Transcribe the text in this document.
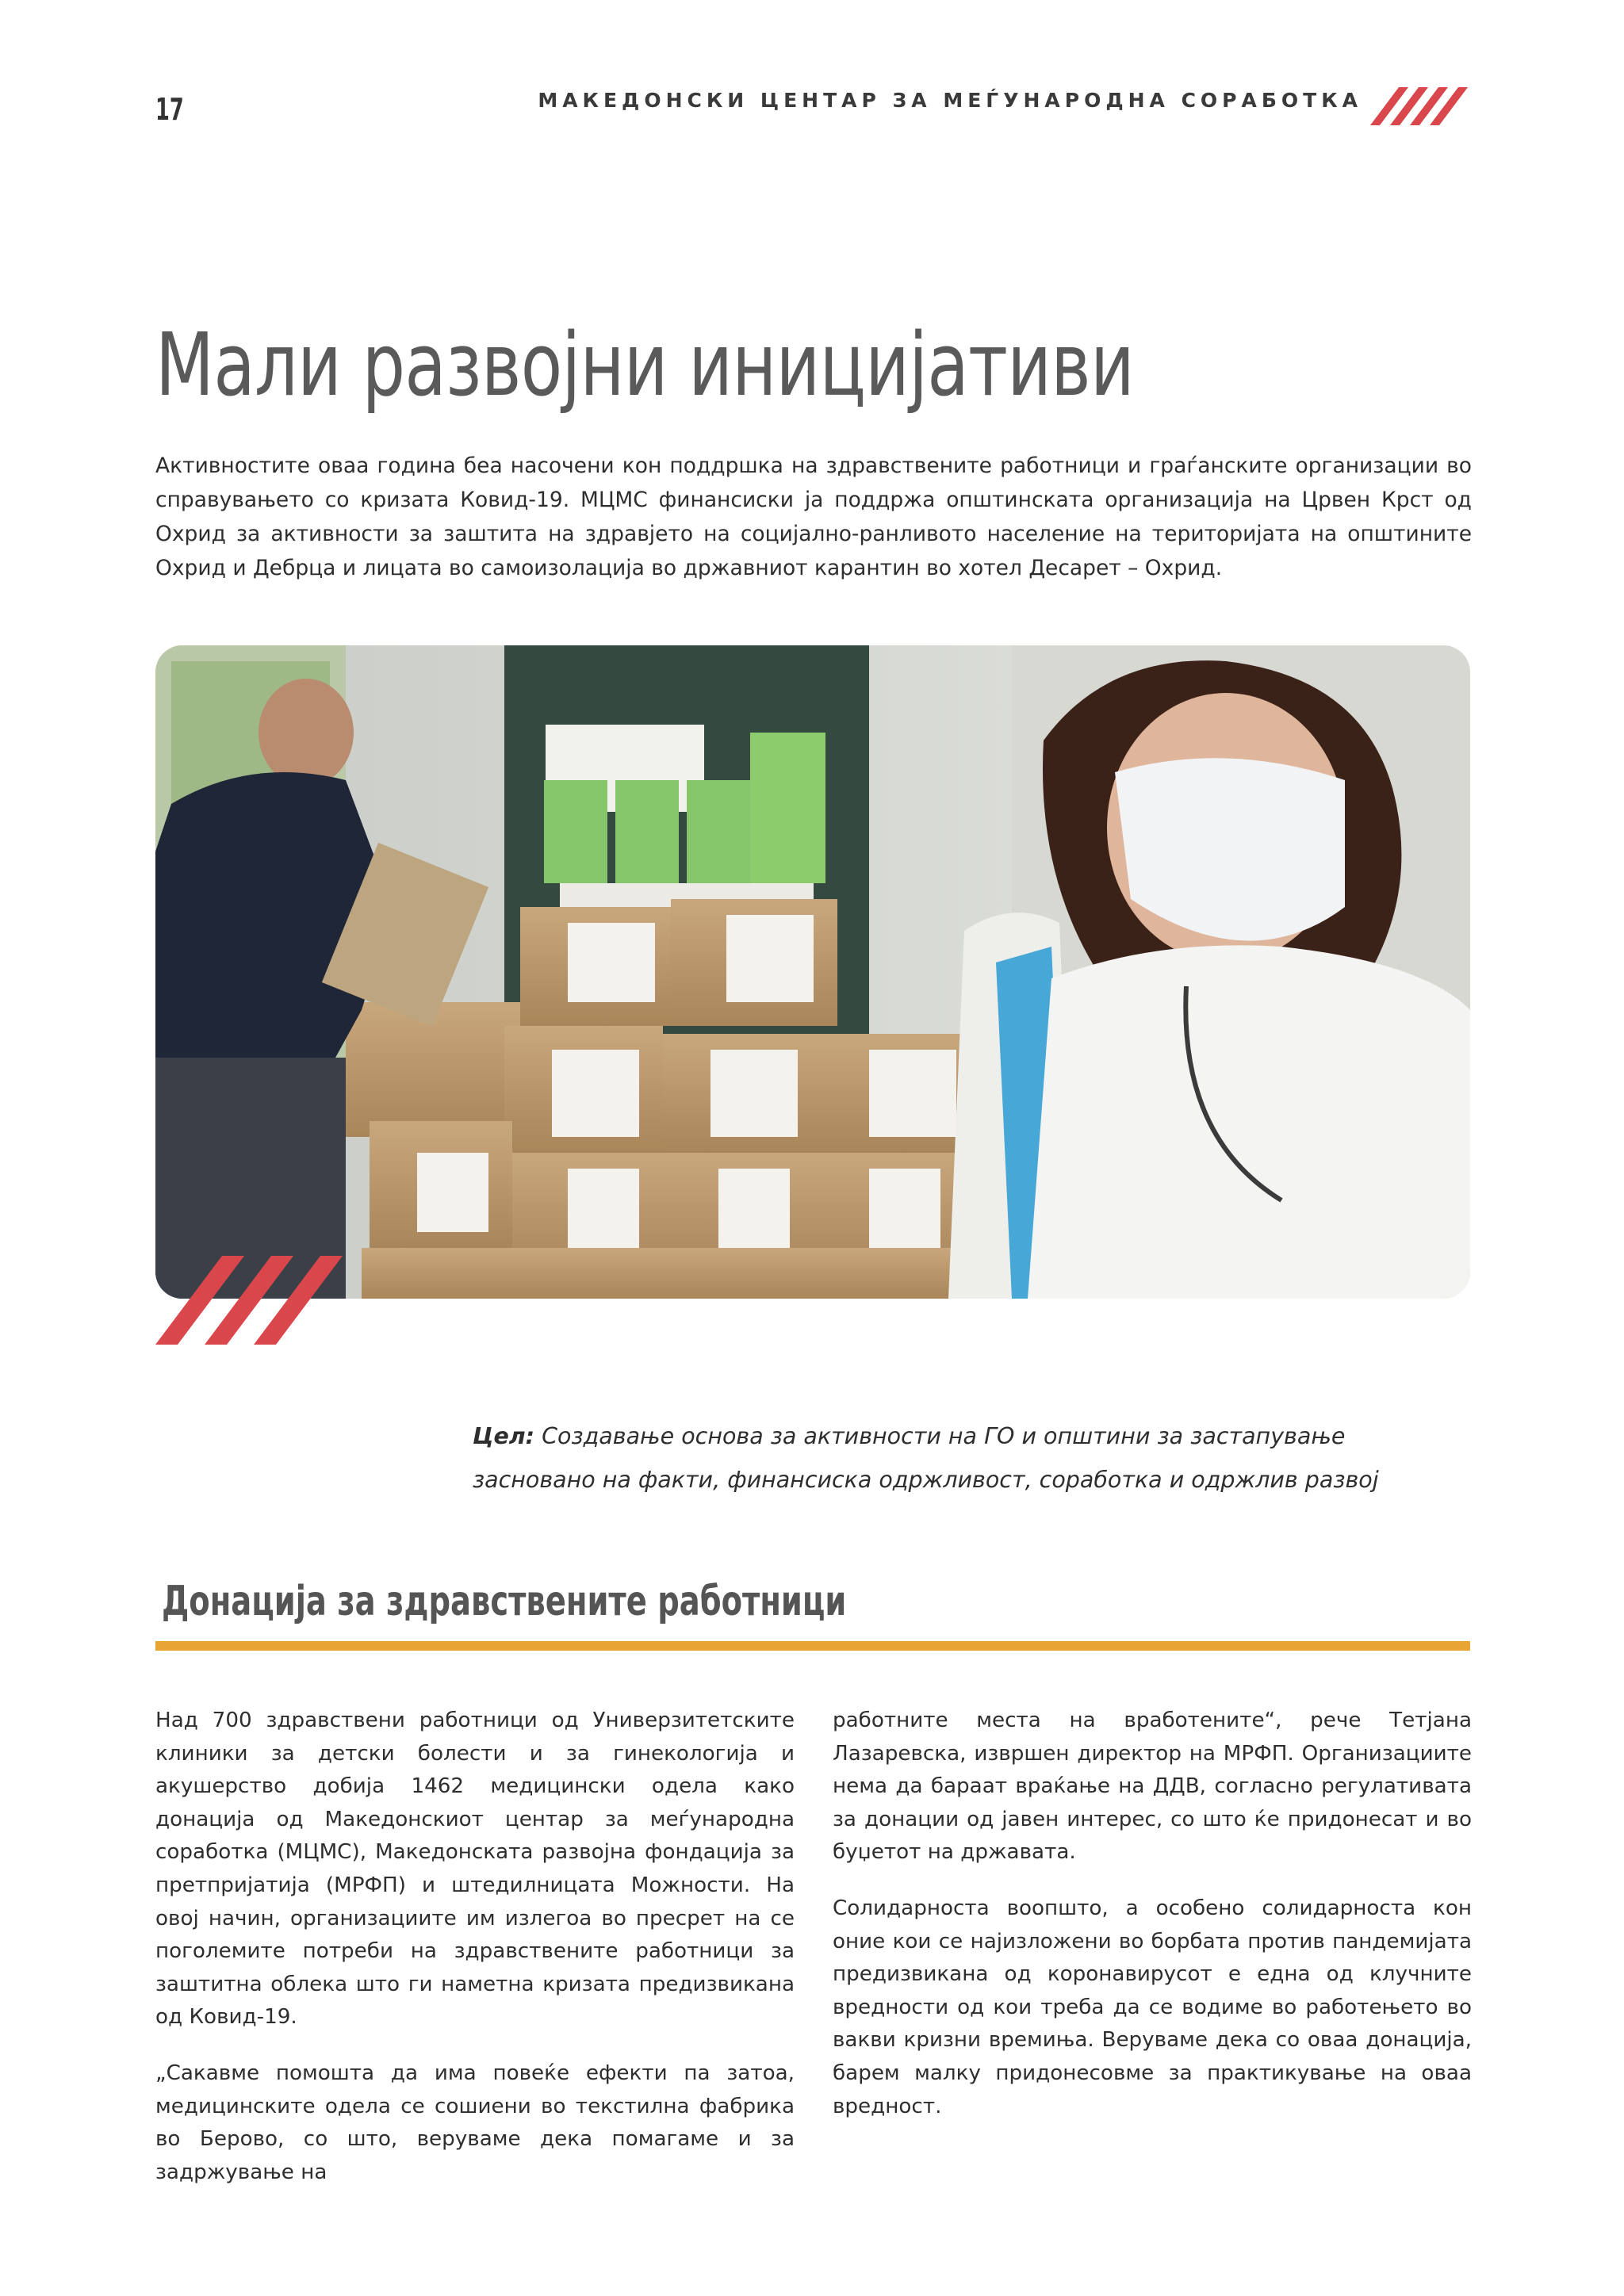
17	МАКЕДОНСКИ ЦЕНТАР ЗА МЕЃУНАРОДНА СОРАБОТКА
Мали развојни иницијативи

Активностите оваа година беа насочени кон поддршка на здравствените работници и граѓанските организации во справувањето со кризата Ковид-19. МЦМС финансиски ја поддржа општинската организација на Црвен Крст од Охрид за активности за заштита на здравјето на социјално-ранливото население на територијата на општините Охрид и Дебрца и лицата во самоизолација во државниот карантин во хотел Десарет – Охрид.

Цел: Создавање основа за активности на ГО и општини за застапување засновано на факти, финансиска одржливост, соработка и одржлив развој

Донација за здравствените работници

Над 700 здравствени работници од Универзитетските клиники за детски болести и за гинекологија и акушерство добија 1462 медицински одела како донација од Македонскиот центар за меѓународна соработка (МЦМС), Македонската развојна фондација за претпријатија (МРФП) и штедилницата Можности. На овој начин, организациите им излегоа во пресрет на се поголемите потреби на здравствените работници за заштитна облека што ги наметна кризата предизвикана од Ковид-19.

„Сакавме помошта да има повеќе ефекти па затоа, медицинските одела се сошиени во текстилна фабрика во Берово, со што, веруваме дека помагаме и за задржување на

работните места на вработените“, рече Тетјана Лазаревска, извршен директор на МРФП. Организациите нема да бараат враќање на ДДВ, согласно регулативата за донации од јавен интерес, со што ќе придонесат и во буџетот на државата.

Солидарноста воопшто, а особено солидарноста кон оние кои се најизложени во борбата против пандемијата предизвикана од коронавирусот е една од клучните вредности од кои треба да се водиме во работењето во вакви кризни времиња. Веруваме дека со оваа донација, барем малку придонесовме за практикување на оваа вредност.
